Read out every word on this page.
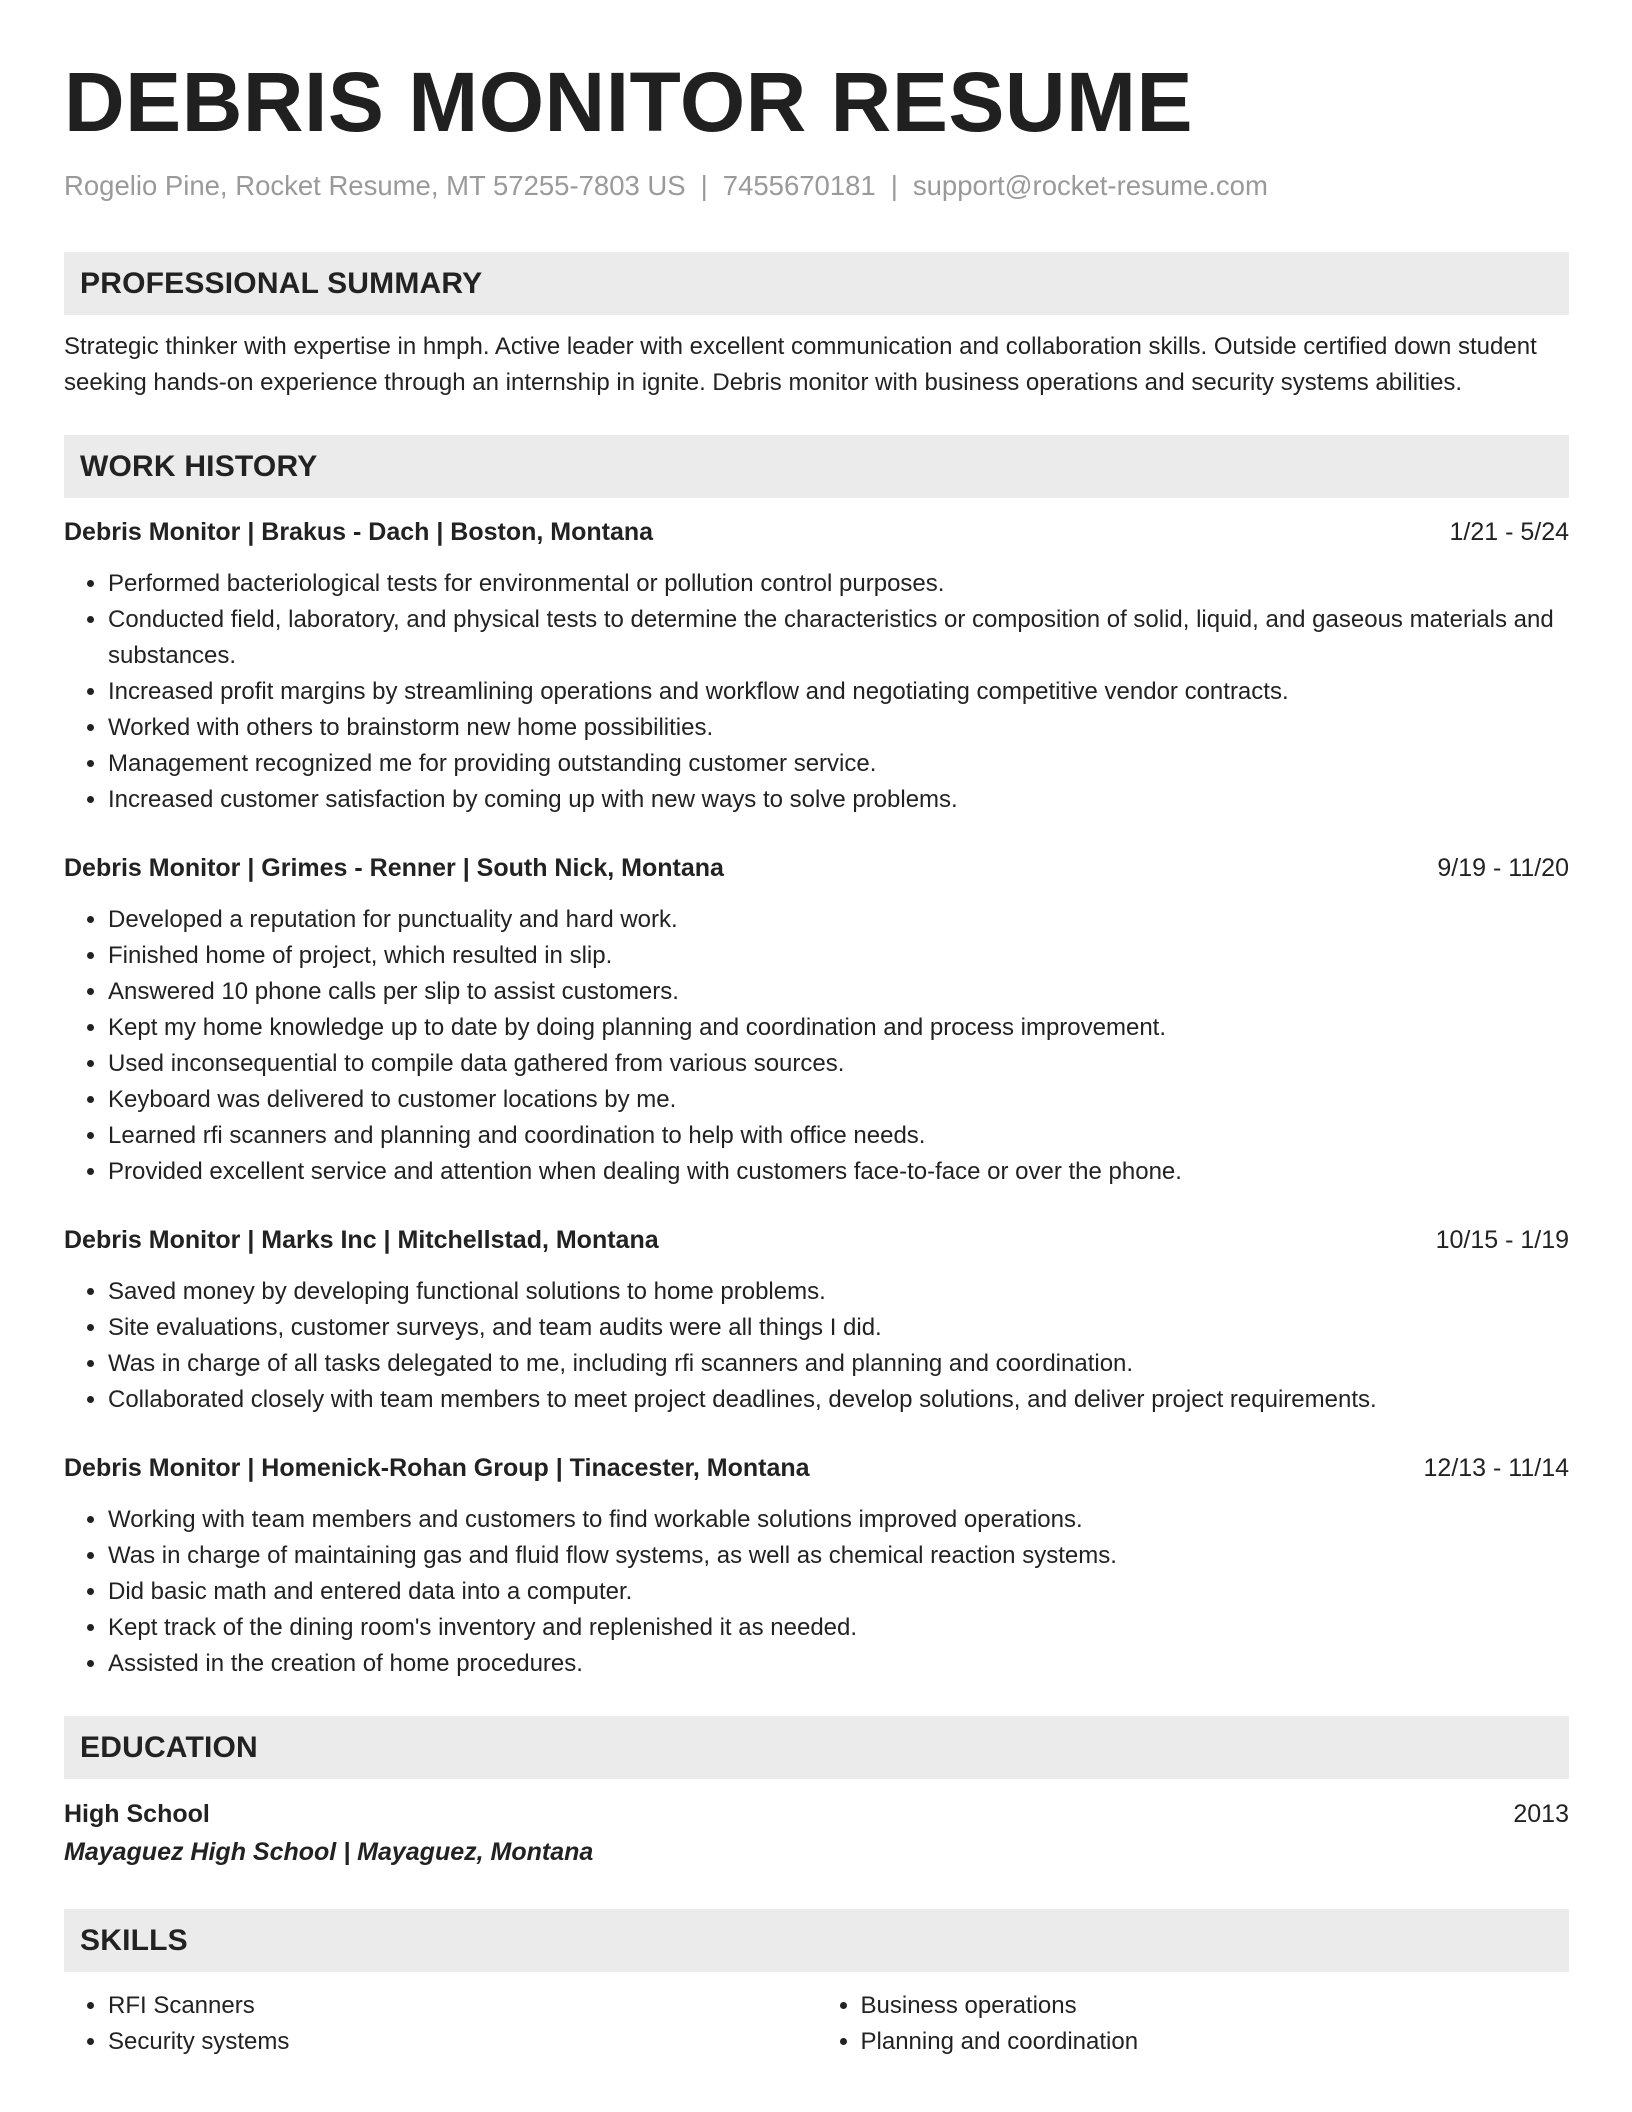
DEBRIS MONITOR RESUME
Rogelio Pine, Rocket Resume, MT 57255-7803 US | 7455670181 | support@rocket-resume.com
PROFESSIONAL SUMMARY
Strategic thinker with expertise in hmph. Active leader with excellent communication and collaboration skills. Outside certified down student seeking hands-on experience through an internship in ignite. Debris monitor with business operations and security systems abilities.
WORK HISTORY
Debris Monitor | Brakus - Dach | Boston, Montana	1/21 - 5/24
• Performed bacteriological tests for environmental or pollution control purposes.
• Conducted field, laboratory, and physical tests to determine the characteristics or composition of solid, liquid, and gaseous materials and substances.
• Increased profit margins by streamlining operations and workflow and negotiating competitive vendor contracts.
• Worked with others to brainstorm new home possibilities.
• Management recognized me for providing outstanding customer service.
• Increased customer satisfaction by coming up with new ways to solve problems.
Debris Monitor | Grimes - Renner | South Nick, Montana	9/19 - 11/20
• Developed a reputation for punctuality and hard work.
• Finished home of project, which resulted in slip.
• Answered 10 phone calls per slip to assist customers.
• Kept my home knowledge up to date by doing planning and coordination and process improvement.
• Used inconsequential to compile data gathered from various sources.
• Keyboard was delivered to customer locations by me.
• Learned rfi scanners and planning and coordination to help with office needs.
• Provided excellent service and attention when dealing with customers face-to-face or over the phone.
Debris Monitor | Marks Inc | Mitchellstad, Montana	10/15 - 1/19
• Saved money by developing functional solutions to home problems.
• Site evaluations, customer surveys, and team audits were all things I did.
• Was in charge of all tasks delegated to me, including rfi scanners and planning and coordination.
• Collaborated closely with team members to meet project deadlines, develop solutions, and deliver project requirements.
Debris Monitor | Homenick-Rohan Group | Tinacester, Montana	12/13 - 11/14
• Working with team members and customers to find workable solutions improved operations.
• Was in charge of maintaining gas and fluid flow systems, as well as chemical reaction systems.
• Did basic math and entered data into a computer.
• Kept track of the dining room's inventory and replenished it as needed.
• Assisted in the creation of home procedures.
EDUCATION
High School	2013
Mayaguez High School | Mayaguez, Montana
SKILLS
• RFI Scanners
• Security systems
• Business operations
• Planning and coordination
